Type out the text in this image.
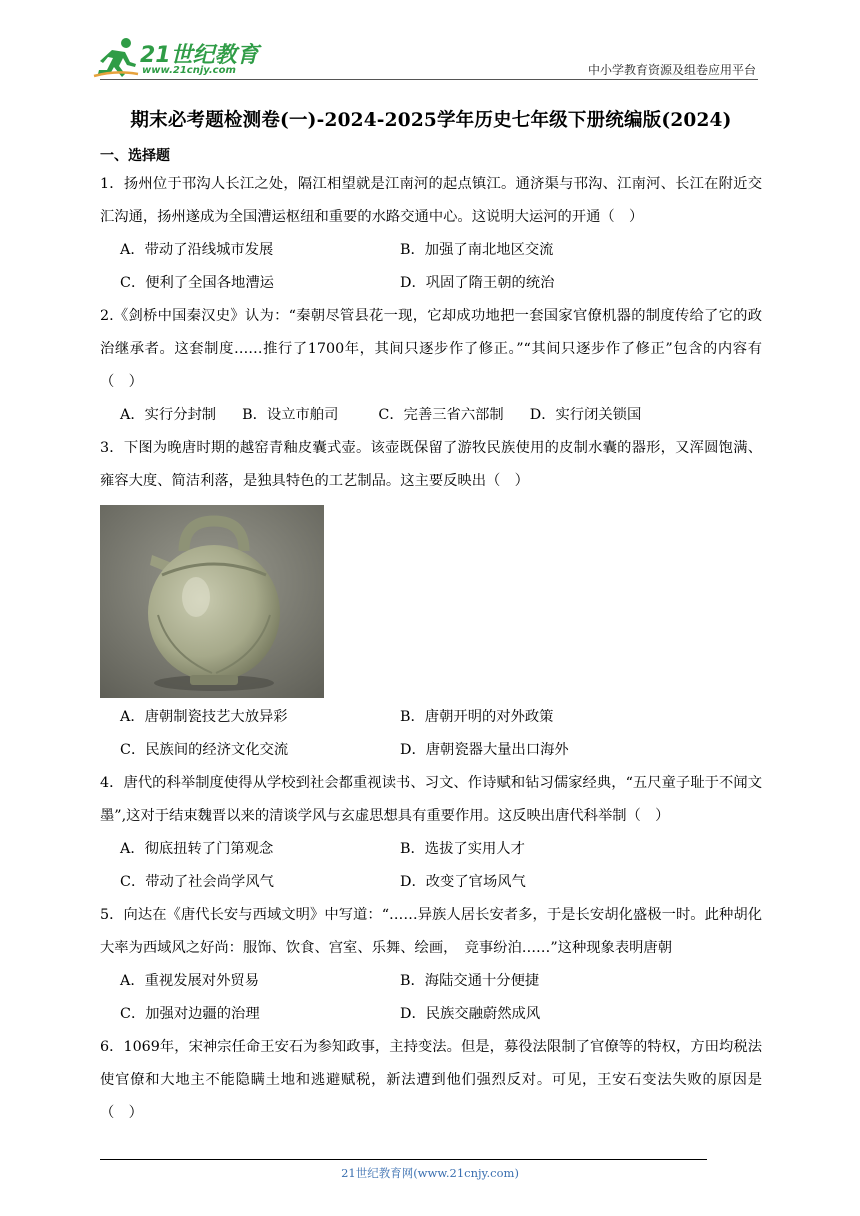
21世纪教育
www.21cnjy.com	中小学教育资源及组卷应用平台
期末必考题检测卷(一)-2024-2025学年历史七年级下册统编版(2024)
一、选择题

1．扬州位于邗沟人长江之处，隔江相望就是江南河的起点镇江。通济渠与邗沟、江南河、长江在附近交汇沟通，扬州遂成为全国漕运枢纽和重要的水路交通中心。这说明大运河的开通（　）

A．带动了沿线城市发展	B．加强了南北地区交流
C．便利了全国各地漕运	D．巩固了隋王朝的统治

2.《剑桥中国秦汉史》认为：“秦朝尽管县花一现，它却成功地把一套国家官僚机器的制度传给了它的政治继承者。这套制度……推行了1700年，其间只逐步作了修正。”“其间只逐步作了修正”包含的内容有（　）

A．实行分封制 B．设立市舶司	C．完善三省六部制 D．实行闭关锁国

3．下图为晚唐时期的越窑青釉皮囊式壶。该壶既保留了游牧民族使用的皮制水囊的器形，又浑圆饱满、雍容大度、简洁利落，是独具特色的工艺制品。这主要反映出（　）

A．唐朝制瓷技艺大放异彩	B．唐朝开明的对外政策
C．民族间的经济文化交流	D．唐朝瓷器大量出口海外

4．唐代的科举制度使得从学校到社会都重视读书、习文、作诗赋和钻习儒家经典，“五尺童子耻于不闻文墨”,这对于结束魏晋以来的清谈学风与玄虚思想具有重要作用。这反映出唐代科举制（　）

A．彻底扭转了门第观念	B．选拔了实用人才
C．带动了社会尚学风气	D．改变了官场风气

5．向达在《唐代长安与西域文明》中写道：“……异族人居长安者多，于是长安胡化盛极一时。此种胡化大率为西域风之好尚：服饰、饮食、宫室、乐舞、绘画，　竞事纷泊……”这种现象表明唐朝

A．重视发展对外贸易	B．海陆交通十分便捷
C．加强对边疆的治理	D．民族交融蔚然成风

6．1069年，宋神宗任命王安石为参知政事，主持变法。但是，募役法限制了官僚等的特权，方田均税法使官僚和大地主不能隐瞒土地和逃避赋税，新法遭到他们强烈反对。可见，王安石变法失败的原因是（　）

21世纪教育网(www.21cnjy.com)
